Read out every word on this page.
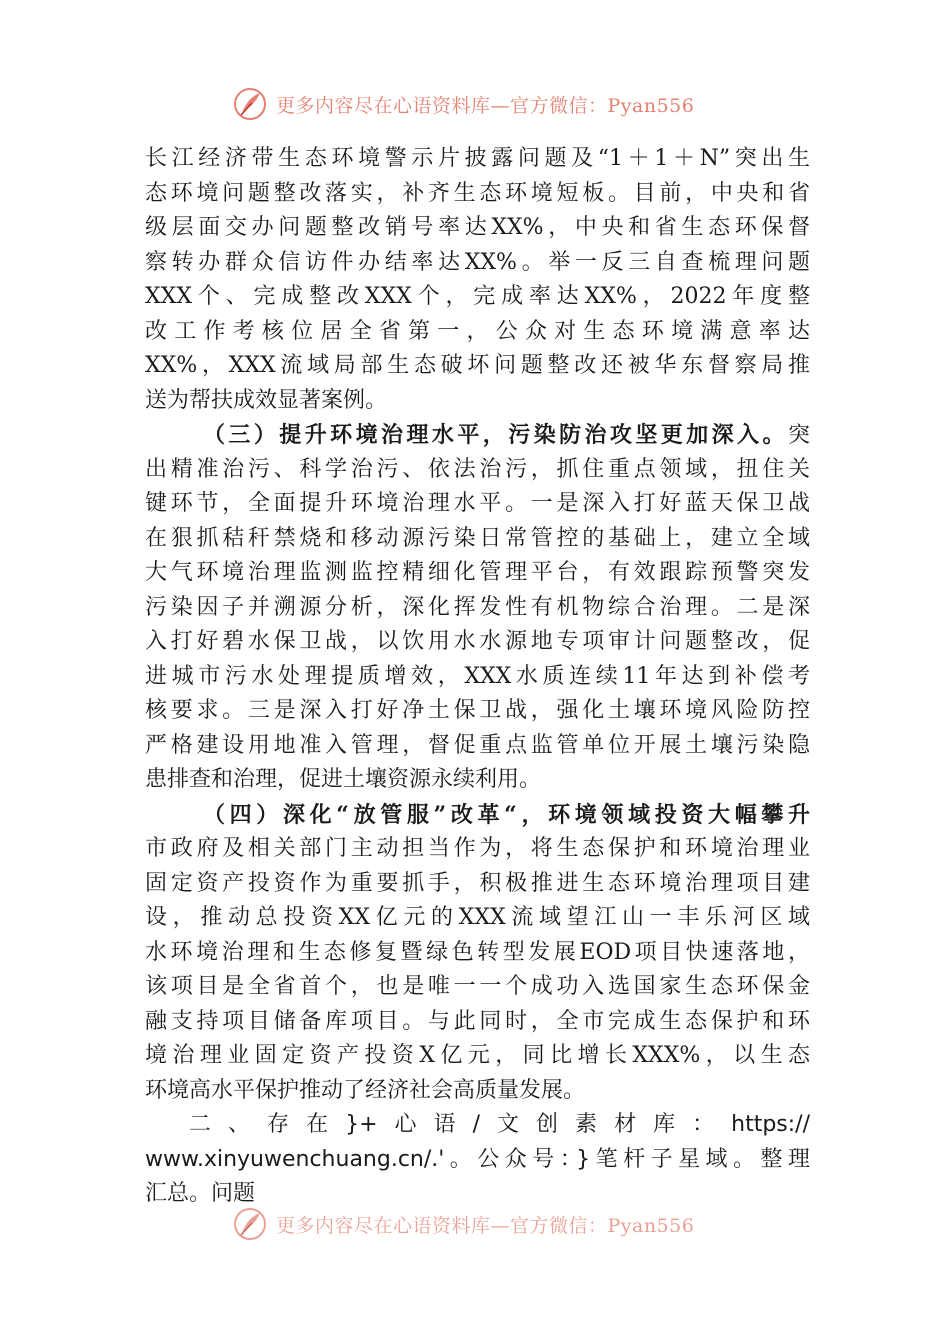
更多内容尽在心语资料库—官方微信：Pyan556
长江经济带生态环境警示片披露问题及“1＋1＋N”突出生
态环境问题整改落实，补齐生态环境短板。目前，中央和省
级层面交办问题整改销号率达XX%，中央和省生态环保督
察转办群众信访件办结率达XX%。举一反三自查梳理问题
XXX个、完成整改XXX个，完成率达XX%，2022年度整
改工作考核位居全省第一，公众对生态环境满意率达
XX%，XXX流域局部生态破坏问题整改还被华东督察局推
送为帮扶成效显著案例。
（三）提升环境治理水平，污染防治攻坚更加深入。突
出精准治污、科学治污、依法治污，抓住重点领域，扭住关
键环节，全面提升环境治理水平。一是深入打好蓝天保卫战
在狠抓秸秆禁烧和移动源污染日常管控的基础上，建立全域
大气环境治理监测监控精细化管理平台，有效跟踪预警突发
污染因子并溯源分析，深化挥发性有机物综合治理。二是深
入打好碧水保卫战，以饮用水水源地专项审计问题整改，促
进城市污水处理提质增效，XXX水质连续11年达到补偿考
核要求。三是深入打好净土保卫战，强化土壤环境风险防控
严格建设用地准入管理，督促重点监管单位开展土壤污染隐
患排查和治理，促进土壤资源永续利用。
（四）深化“放管服”改革“，环境领域投资大幅攀升
市政府及相关部门主动担当作为，将生态保护和环境治理业
固定资产投资作为重要抓手，积极推进生态环境治理项目建
设，推动总投资XX亿元的XXX流域望江山一丰乐河区域
水环境治理和生态修复暨绿色转型发展EOD项目快速落地，
该项目是全省首个，也是唯一一个成功入选国家生态环保金
融支持项目储备库项目。与此同时，全市完成生态保护和环
境治理业固定资产投资X亿元，同比增长XXX%，以生态
环境高水平保护推动了经济社会高质量发展。
二、存在}+心语/文创素材库：https://
www.xinyuwenchuang.cn/.'。公众号：}笔杆子星域。整理
汇总。问题
更多内容尽在心语资料库—官方微信：Pyan556
